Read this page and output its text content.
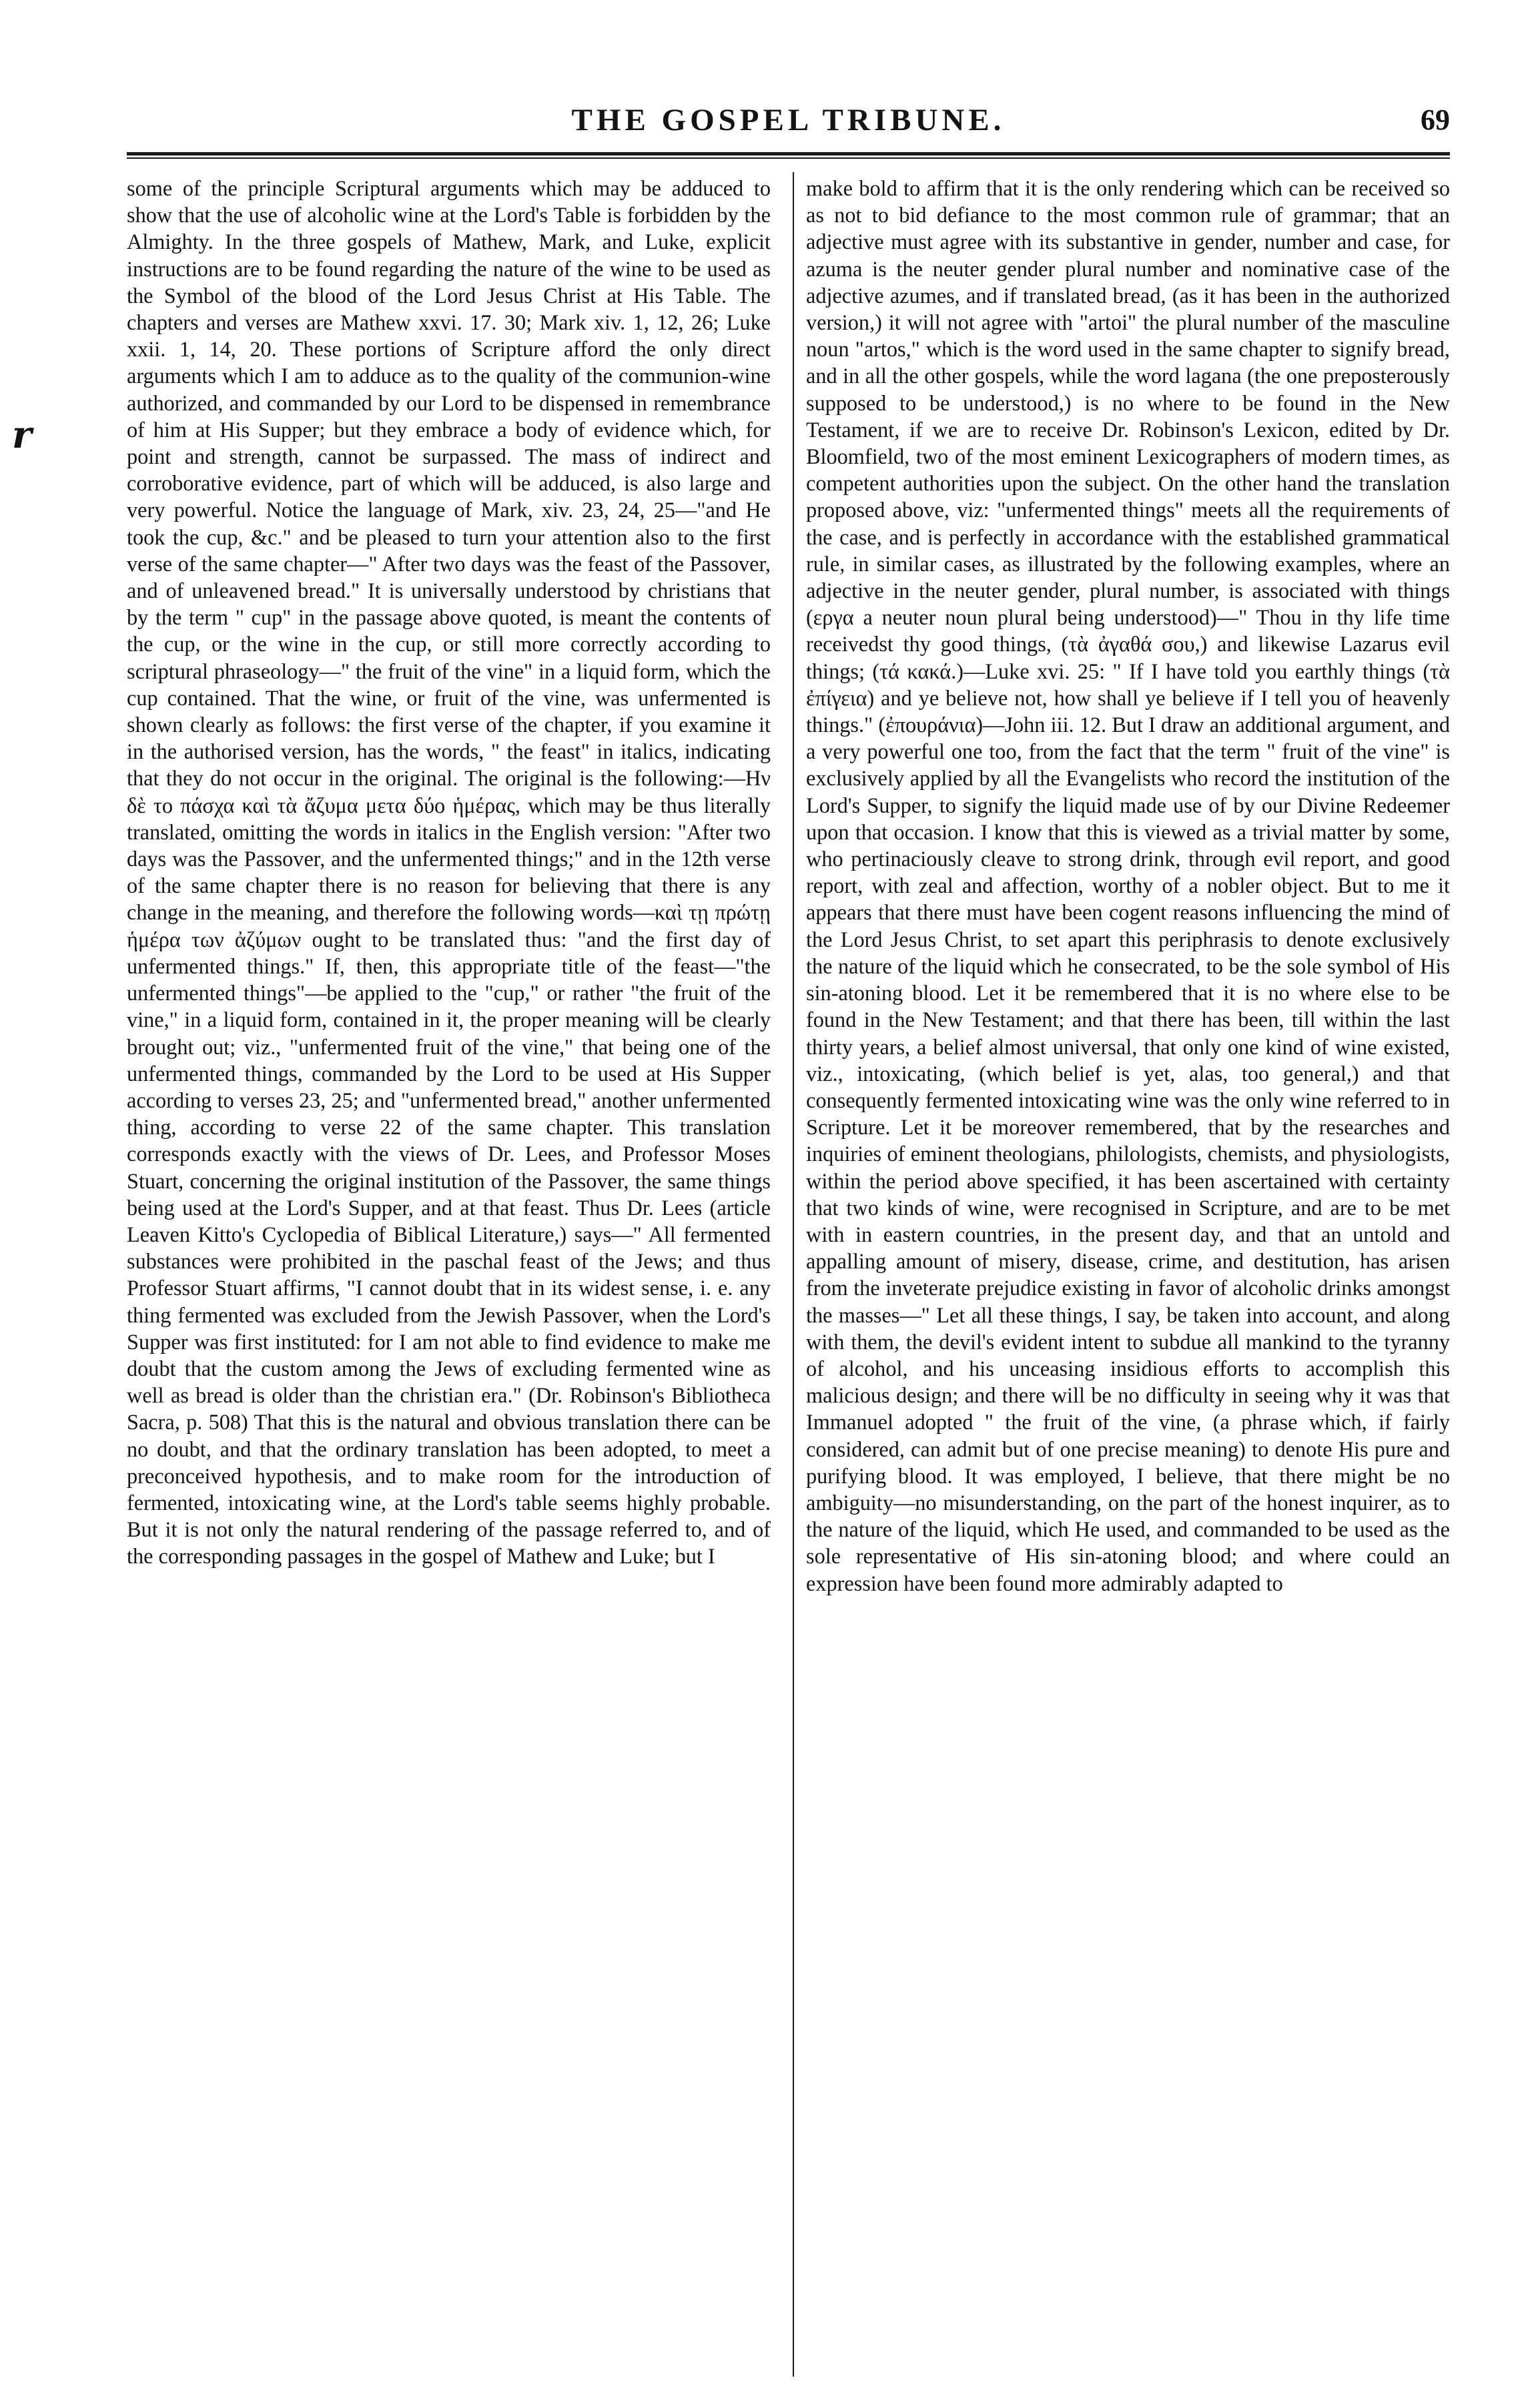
r
THE GOSPEL TRIBUNE.	69

some of the principle Scriptural arguments which may be adduced to show that the use of alcoholic wine at the Lord's Table is forbidden by the Almighty. In the three gospels of Mathew, Mark, and Luke, explicit instructions are to be found regarding the nature of the wine to be used as the Symbol of the blood of the Lord Jesus Christ at His Table. The chapters and verses are Mathew xxvi. 17. 30; Mark xiv. 1, 12, 26; Luke xxii. 1, 14, 20. These portions of Scripture afford the only direct arguments which I am to adduce as to the quality of the communion-wine authorized, and commanded by our Lord to be dispensed in remembrance of him at His Supper; but they embrace a body of evidence which, for point and strength, cannot be surpassed. The mass of indirect and corroborative evidence, part of which will be adduced, is also large and very powerful. Notice the language of Mark, xiv. 23, 24, 25—"and He took the cup, &c." and be pleased to turn your attention also to the first verse of the same chapter—" After two days was the feast of the Passover, and of unleavened bread." It is universally understood by christians that by the term " cup" in the passage above quoted, is meant the contents of the cup, or the wine in the cup, or still more correctly according to scriptural phraseology—" the fruit of the vine" in a liquid form, which the cup contained. That the wine, or fruit of the vine, was unfermented is shown clearly as follows: the first verse of the chapter, if you examine it in the authorised version, has the words, " the feast" in italics, indicating that they do not occur in the original. The original is the following:—Hν δὲ το πάσχα καὶ τὰ ἄζυμα μετα δύο ἡμέρας, which may be thus literally translated, omitting the words in italics in the English version: "After two days was the Passover, and the unfermented things;" and in the 12th verse of the same chapter there is no reason for believing that there is any change in the meaning, and therefore the following words—καὶ τῃ πρώτῃ ἡμέρα των ἀζύμων ought to be translated thus: "and the first day of unfermented things." If, then, this appropriate title of the feast—"the unfermented things"—be applied to the "cup," or rather "the fruit of the vine," in a liquid form, contained in it, the proper meaning will be clearly brought out; viz., "unfermented fruit of the vine," that being one of the unfermented things, commanded by the Lord to be used at His Supper according to verses 23, 25; and "unfermented bread," another unfermented thing, according to verse 22 of the same chapter. This translation corresponds exactly with the views of Dr. Lees, and Professor Moses Stuart, concerning the original institution of the Passover, the same things being used at the Lord's Supper, and at that feast. Thus Dr. Lees (article Leaven Kitto's Cyclopedia of Biblical Literature,) says—" All fermented substances were prohibited in the paschal feast of the Jews; and thus Professor Stuart affirms, "I cannot doubt that in its widest sense, i. e. any thing fermented was excluded from the Jewish Passover, when the Lord's Supper was first instituted: for I am not able to find evidence to make me doubt that the custom among the Jews of excluding fermented wine as well as bread is older than the christian era." (Dr. Robinson's Bibliotheca Sacra, p. 508) That this is the natural and obvious translation there can be no doubt, and that the ordinary translation has been adopted, to meet a preconceived hypothesis, and to make room for the introduction of fermented, intoxicating wine, at the Lord's table seems highly probable. But it is not only the natural rendering of the passage referred to, and of the corresponding passages in the gospel of Mathew and Luke; but I

make bold to affirm that it is the only rendering which can be received so as not to bid defiance to the most common rule of grammar; that an adjective must agree with its substantive in gender, number and case, for azuma is the neuter gender plural number and nominative case of the adjective azumes, and if translated bread, (as it has been in the authorized version,) it will not agree with "artoi" the plural number of the masculine noun "artos," which is the word used in the same chapter to signify bread, and in all the other gospels, while the word lagana (the one preposterously supposed to be understood,) is no where to be found in the New Testament, if we are to receive Dr. Robinson's Lexicon, edited by Dr. Bloomfield, two of the most eminent Lexicographers of modern times, as competent authorities upon the subject. On the other hand the translation proposed above, viz: "unfermented things" meets all the requirements of the case, and is perfectly in accordance with the established grammatical rule, in similar cases, as illustrated by the following examples, where an adjective in the neuter gender, plural number, is associated with things (εργα a neuter noun plural being understood)—" Thou in thy life time receivedst thy good things, (τὰ ἀγαθά σου,) and likewise Lazarus evil things; (τά κακά.)—Luke xvi. 25: " If I have told you earthly things (τὰ ἐπίγεια) and ye believe not, how shall ye believe if I tell you of heavenly things." (ἐπουράνια)—John iii. 12. But I draw an additional argument, and a very powerful one too, from the fact that the term " fruit of the vine" is exclusively applied by all the Evangelists who record the institution of the Lord's Supper, to signify the liquid made use of by our Divine Redeemer upon that occasion. I know that this is viewed as a trivial matter by some, who pertinaciously cleave to strong drink, through evil report, and good report, with zeal and affection, worthy of a nobler object. But to me it appears that there must have been cogent reasons influencing the mind of the Lord Jesus Christ, to set apart this periphrasis to denote exclusively the nature of the liquid which he consecrated, to be the sole symbol of His sin-atoning blood. Let it be remembered that it is no where else to be found in the New Testament; and that there has been, till within the last thirty years, a belief almost universal, that only one kind of wine existed, viz., intoxicating, (which belief is yet, alas, too general,) and that consequently fermented intoxicating wine was the only wine referred to in Scripture. Let it be moreover remembered, that by the researches and inquiries of eminent theologians, philologists, chemists, and physiologists, within the period above specified, it has been ascertained with certainty that two kinds of wine, were recognised in Scripture, and are to be met with in eastern countries, in the present day, and that an untold and appalling amount of misery, disease, crime, and destitution, has arisen from the inveterate prejudice existing in favor of alcoholic drinks amongst the masses—" Let all these things, I say, be taken into account, and along with them, the devil's evident intent to subdue all mankind to the tyranny of alcohol, and his unceasing insidious efforts to accomplish this malicious design; and there will be no difficulty in seeing why it was that Immanuel adopted " the fruit of the vine, (a phrase which, if fairly considered, can admit but of one precise meaning) to denote His pure and purifying blood. It was employed, I believe, that there might be no ambiguity—no misunderstanding, on the part of the honest inquirer, as to the nature of the liquid, which He used, and commanded to be used as the sole representative of His sin-atoning blood; and where could an expression have been found more admirably adapted to
